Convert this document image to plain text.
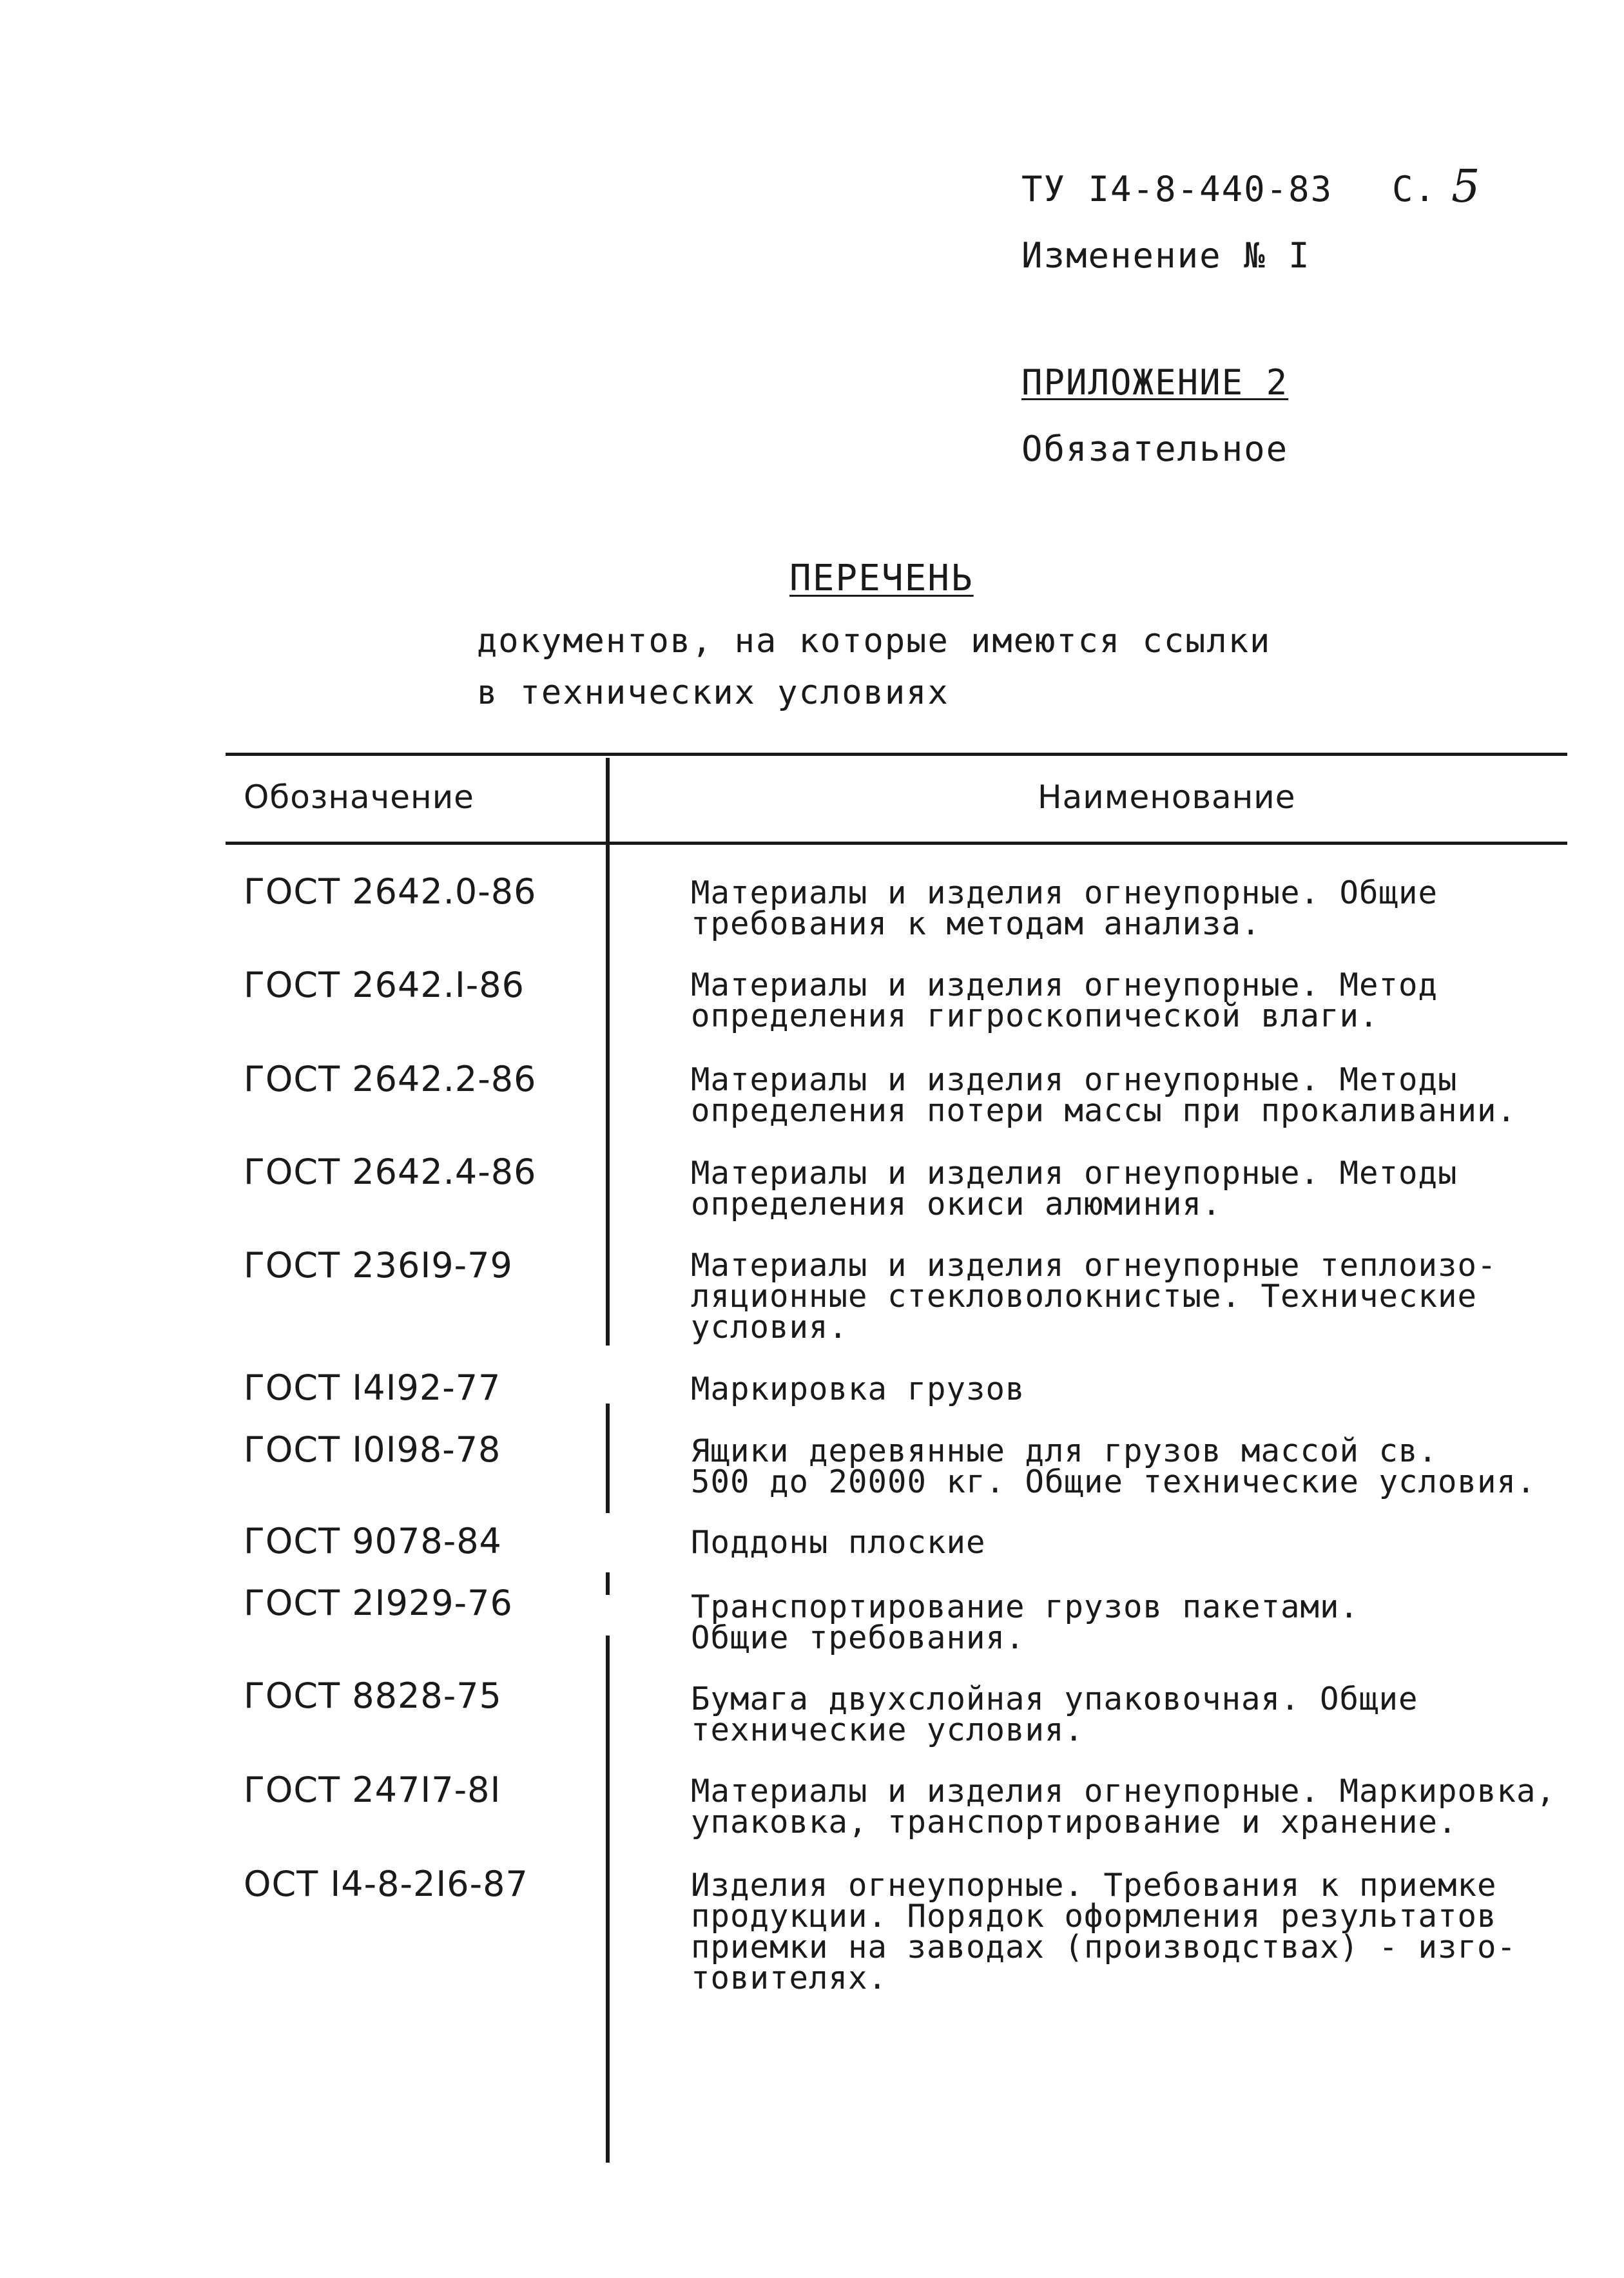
ТУ I4-8-440-83 С. 5
Изменение № I
ПРИЛОЖЕНИЕ 2
Обязательное
ПЕРЕЧЕНЬ
документов, на которые имеются ссылки
в технических условиях
Обозначение	Наименование
ГОСТ 2642.0-86	Материалы и изделия огнеупорные. Общие
требования к методам анализа.
ГОСТ 2642.I-86	Материалы и изделия огнеупорные. Метод
определения гигроскопической влаги.
ГОСТ 2642.2-86	Материалы и изделия огнеупорные. Методы
определения потери массы при прокаливании.
ГОСТ 2642.4-86	Материалы и изделия огнеупорные. Методы
определения окиси алюминия.
ГОСТ 236I9-79	Материалы и изделия огнеупорные теплоизо-
ляционные стекловолокнистые. Технические
условия.
ГОСТ I4I92-77	Маркировка грузов
ГОСТ I0I98-78	Ящики деревянные для грузов массой св.
500 до 20000 кг. Общие технические условия.
ГОСТ 9078-84	Поддоны плоские
ГОСТ 2I929-76	Транспортирование грузов пакетами.
Общие требования.
ГОСТ 8828-75	Бумага двухслойная упаковочная. Общие
технические условия.
ГОСТ 247I7-8I	Материалы и изделия огнеупорные. Маркировка,
упаковка, транспортирование и хранение.
ОСТ I4-8-2I6-87	Изделия огнеупорные. Требования к приемке
продукции. Порядок оформления результатов
приемки на заводах (производствах) - изго-
товителях.
